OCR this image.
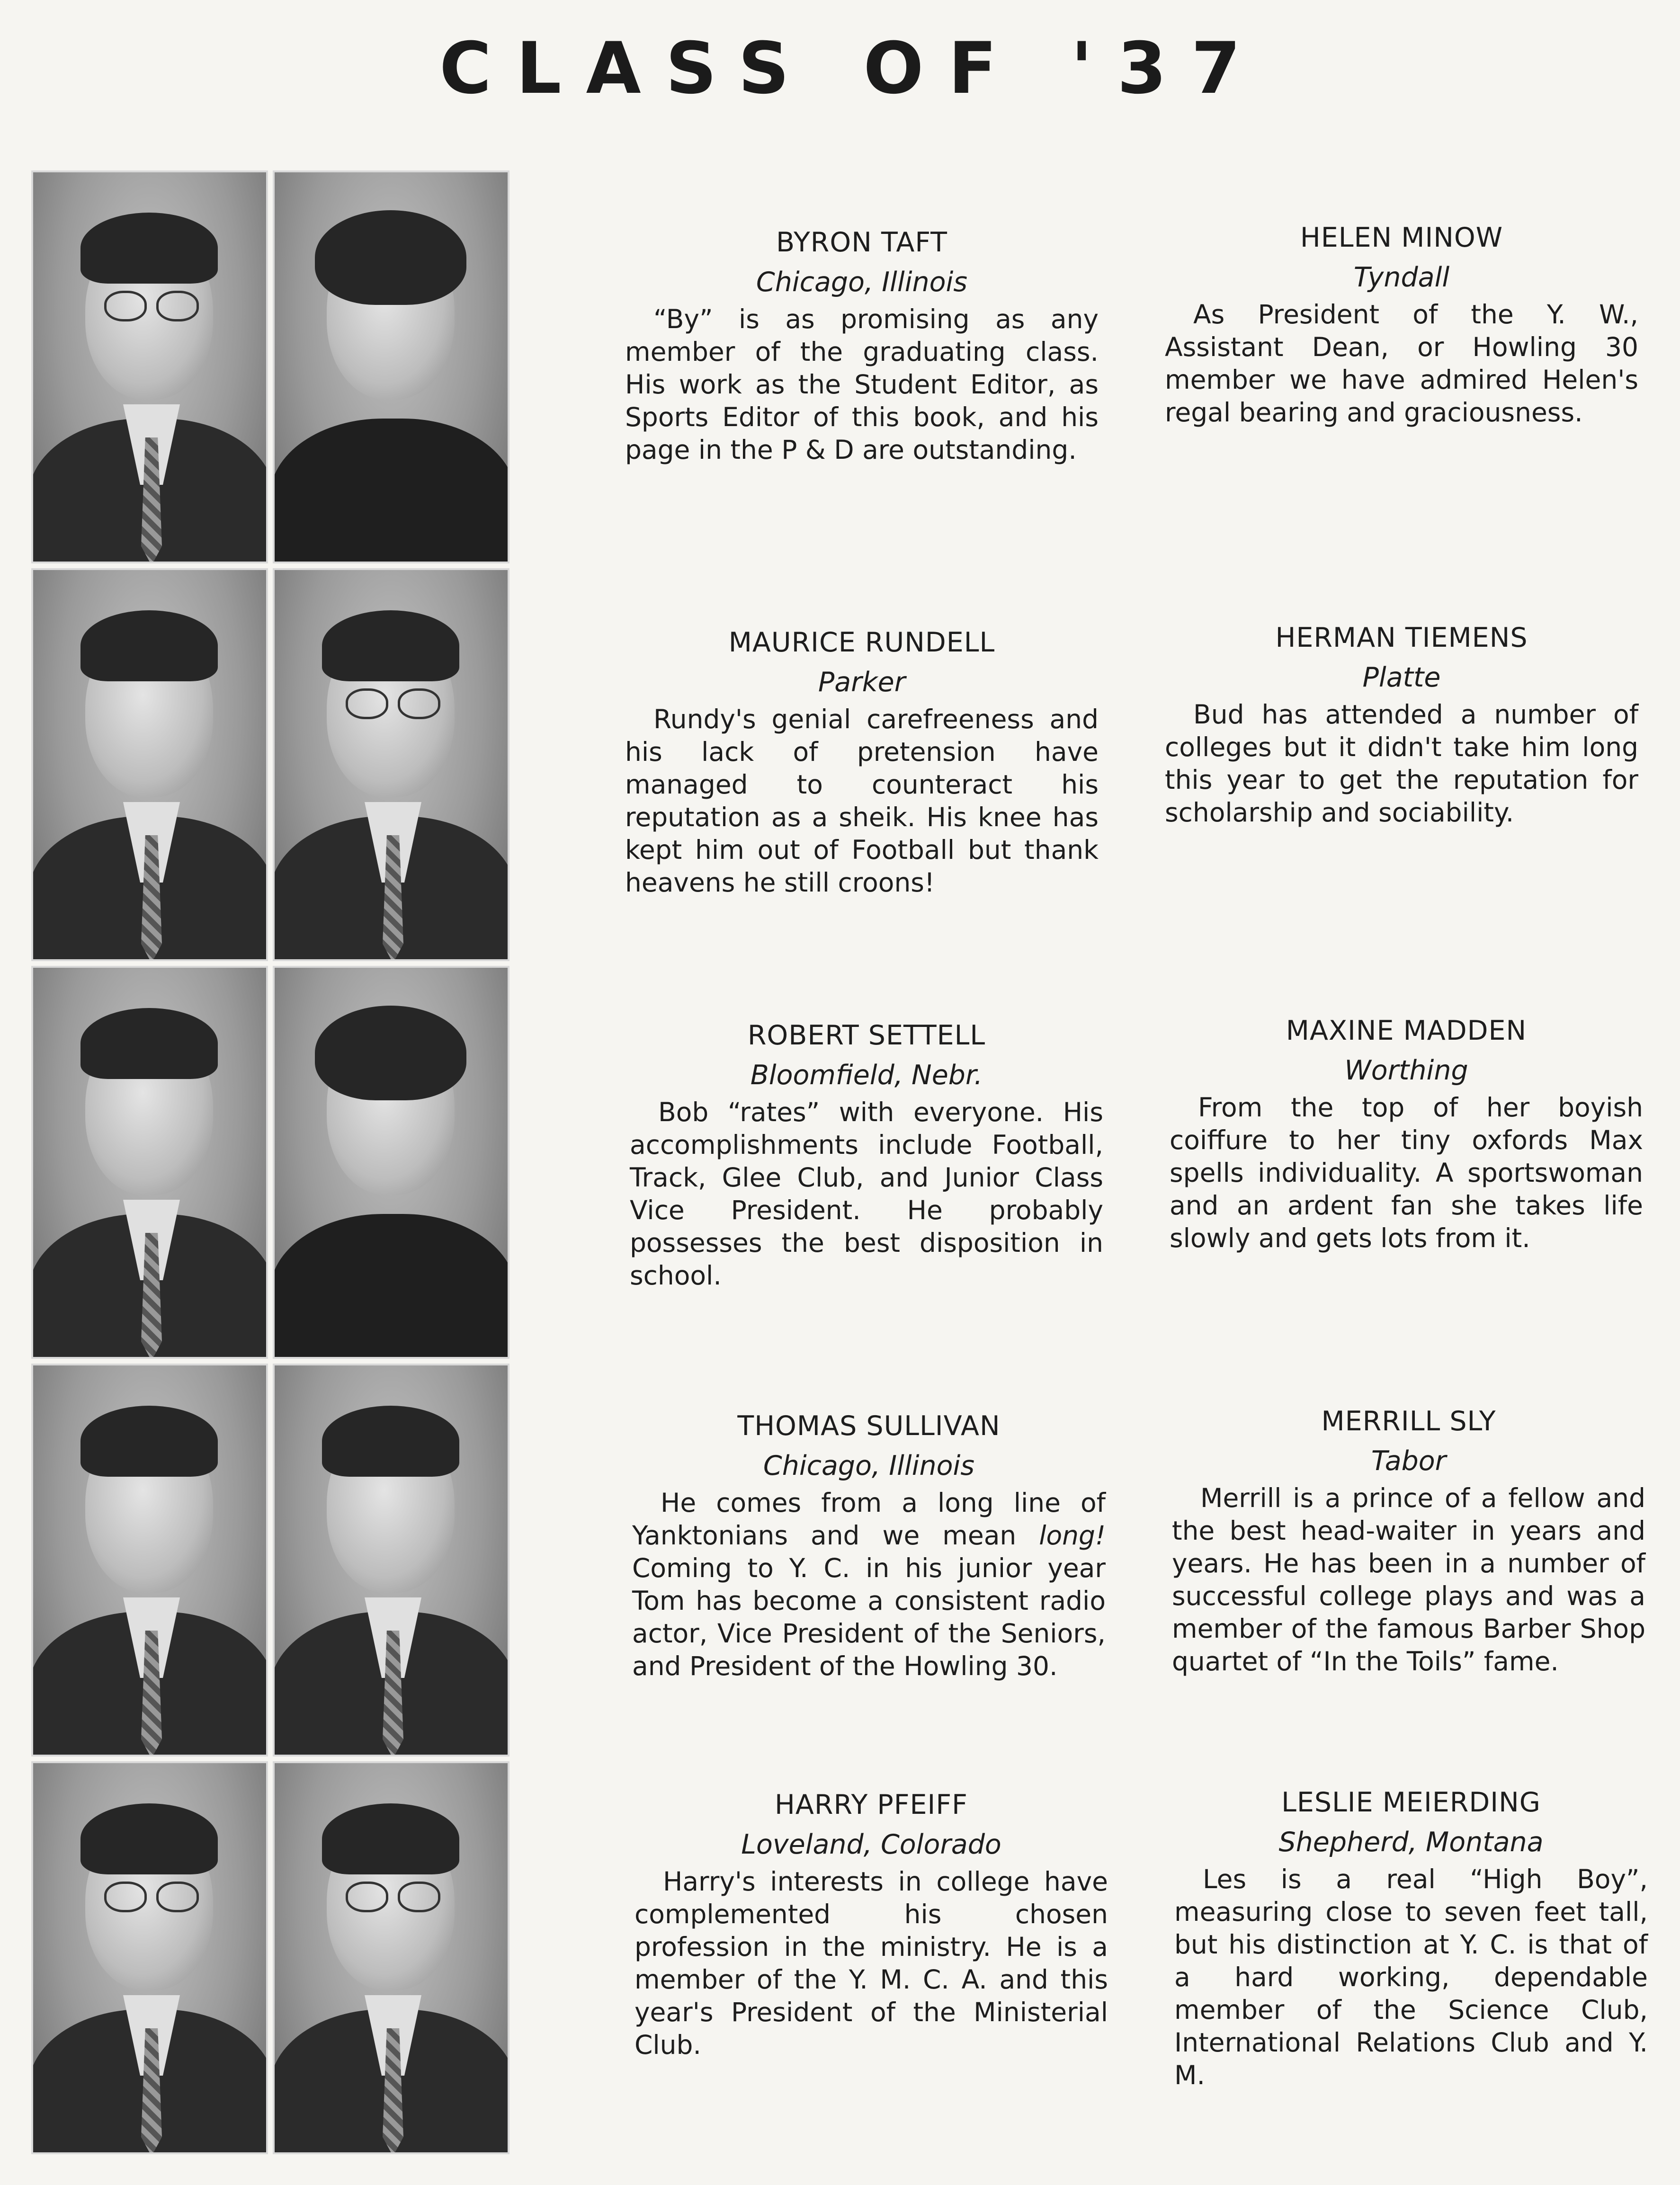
CLASS OF '37
BYRON TAFT
Chicago, Illinois

“By” is as promising as any member of the graduating class. His work as the Student Editor, as Sports Editor of this book, and his page in the P & D are outstanding.

HELEN MINOW
Tyndall

As President of the Y. W., Assistant Dean, or Howling 30 member we have admired Helen's regal bearing and graciousness.

MAURICE RUNDELL
Parker

Rundy's genial carefreeness and his lack of pretension have managed to counteract his reputation as a sheik. His knee has kept him out of Football but thank heavens he still croons!

HERMAN TIEMENS
Platte

Bud has attended a number of colleges but it didn't take him long this year to get the reputation for scholarship and sociability.

ROBERT SETTELL
Bloomfield, Nebr.

Bob “rates” with everyone. His accomplishments include Football, Track, Glee Club, and Junior Class Vice President. He probably possesses the best disposition in school.

MAXINE MADDEN
Worthing

From the top of her boyish coiffure to her tiny oxfords Max spells individuality. A sportswoman and an ardent fan she takes life slowly and gets lots from it.

THOMAS SULLIVAN
Chicago, Illinois

He comes from a long line of Yanktonians and we mean long! Coming to Y. C. in his junior year Tom has become a consistent radio actor, Vice President of the Seniors, and President of the Howling 30.

MERRILL SLY
Tabor

Merrill is a prince of a fellow and the best head-waiter in years and years. He has been in a number of successful college plays and was a member of the famous Barber Shop quartet of “In the Toils” fame.

HARRY PFEIFF
Loveland, Colorado

Harry's interests in college have complemented his chosen profession in the ministry. He is a member of the Y. M. C. A. and this year's President of the Ministerial Club.

LESLIE MEIERDING
Shepherd, Montana

Les is a real “High Boy”, measuring close to seven feet tall, but his distinction at Y. C. is that of a hard working, dependable member of the Science Club, International Relations Club and Y. M.
